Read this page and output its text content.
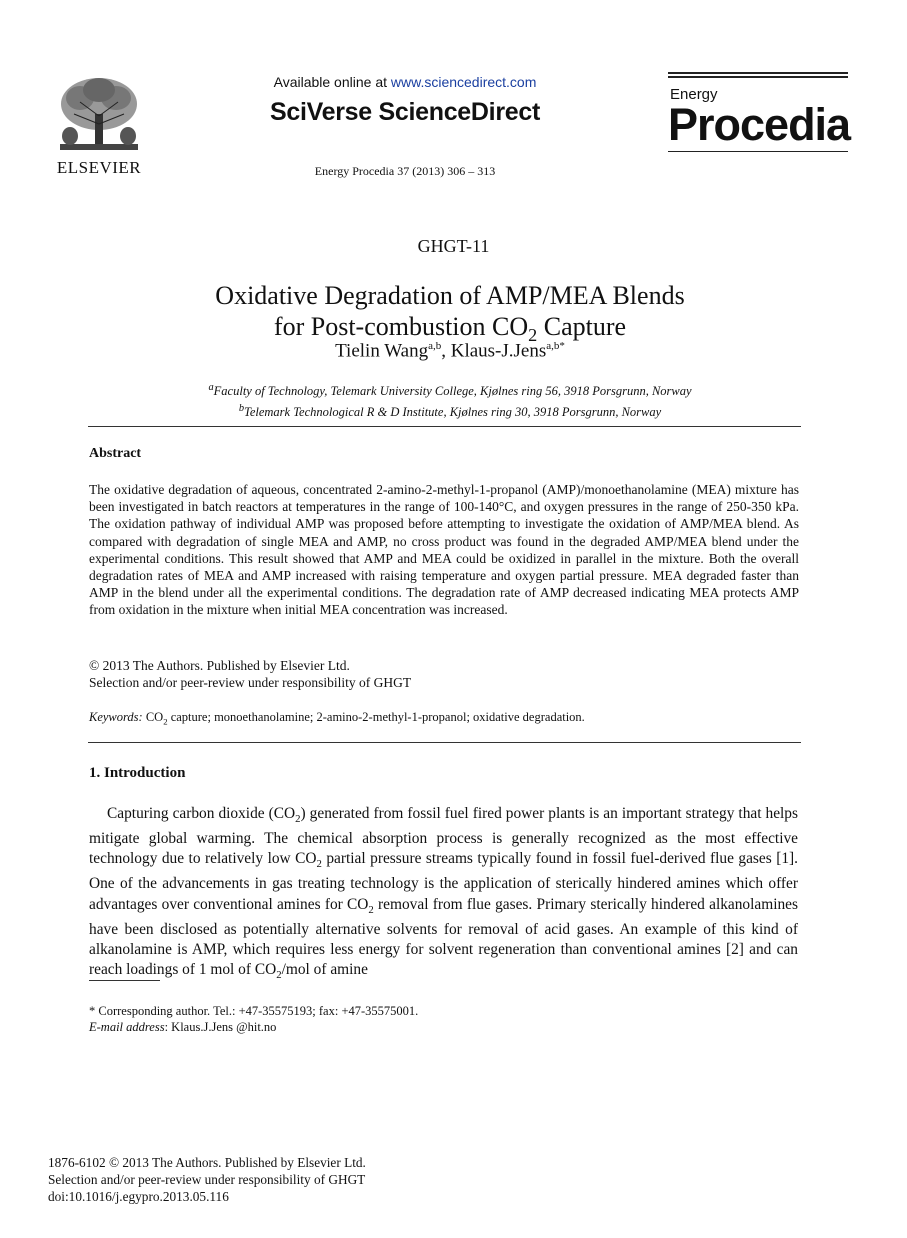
ELSEVIER
Available online at www.sciencedirect.com
SciVerse ScienceDirect
Energy Procedia 37 (2013) 306 – 313
Energy
Procedia
GHGT-11
Oxidative Degradation of AMP/MEA Blends
for Post-combustion $CO_2$ Capture
Tielin Wang$^{a,b}$, Klaus-J.Jens$^{a,b*}$
$^a$Faculty of Technology, Telemark University College, Kjølnes ring 56, 3918 Porsgrunn, Norway
$^b$Telemark Technological R & D Institute, Kjølnes ring 30, 3918 Porsgrunn, Norway
Abstract
The oxidative degradation of aqueous, concentrated 2-amino-2-methyl-1-propanol (AMP)/monoethanolamine (MEA) mixture has been investigated in batch reactors at temperatures in the range of 100-140°C, and oxygen pressures in the range of 250-350 kPa. The oxidation pathway of individual AMP was proposed before attempting to investigate the oxidation of AMP/MEA blend. As compared with degradation of single MEA and AMP, no cross product was found in the degraded AMP/MEA blend under the experimental conditions. This result showed that AMP and MEA could be oxidized in parallel in the mixture. Both the overall degradation rates of MEA and AMP increased with raising temperature and oxygen partial pressure. MEA degraded faster than AMP in the blend under all the experimental conditions. The degradation rate of AMP decreased indicating MEA protects AMP from oxidation in the mixture when initial MEA concentration was increased.
© 2013 The Authors. Published by Elsevier Ltd.
Selection and/or peer-review under responsibility of GHGT
Keywords: $CO_2$ capture; monoethanolamine; 2-amino-2-methyl-1-propanol; oxidative degradation.
1. Introduction
Capturing carbon dioxide $(CO_2)$ generated from fossil fuel fired power plants is an important strategy that helps mitigate global warming. The chemical absorption process is generally recognized as the most effective technology due to relatively low $CO_2$ partial pressure streams typically found in fossil fuel-derived flue gases [1]. One of the advancements in gas treating technology is the application of sterically hindered amines which offer advantages over conventional amines for $CO_2$ removal from flue gases. Primary sterically hindered alkanolamines have been disclosed as potentially alternative solvents for removal of acid gases. An example of this kind of alkanolamine is AMP, which requires less energy for solvent regeneration than conventional amines [2] and can reach loadings of 1 mol of $CO_2$/mol of amine
* Corresponding author. Tel.: +47-35575193; fax: +47-35575001.
E-mail address: Klaus.J.Jens @hit.no
1876-6102 © 2013 The Authors. Published by Elsevier Ltd.
Selection and/or peer-review under responsibility of GHGT
doi:10.1016/j.egypro.2013.05.116
